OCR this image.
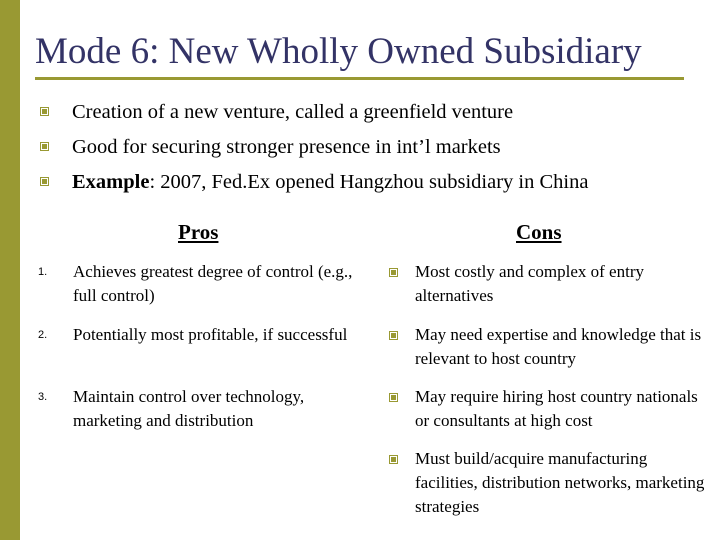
Mode 6: New Wholly Owned Subsidiary
Creation of a new venture, called a greenfield venture
Good for securing stronger presence in int’l markets
Example: 2007, Fed.Ex opened Hangzhou subsidiary in China
Pros	Cons
1. Achieves greatest degree of control (e.g., full control)
2. Potentially most profitable, if successful
3. Maintain control over technology, marketing and distribution
Most costly and complex of entry alternatives
May need expertise and knowledge that is relevant to host country
May require hiring host country nationals or consultants at high cost
Must build/acquire manufacturing facilities, distribution networks, marketing strategies
